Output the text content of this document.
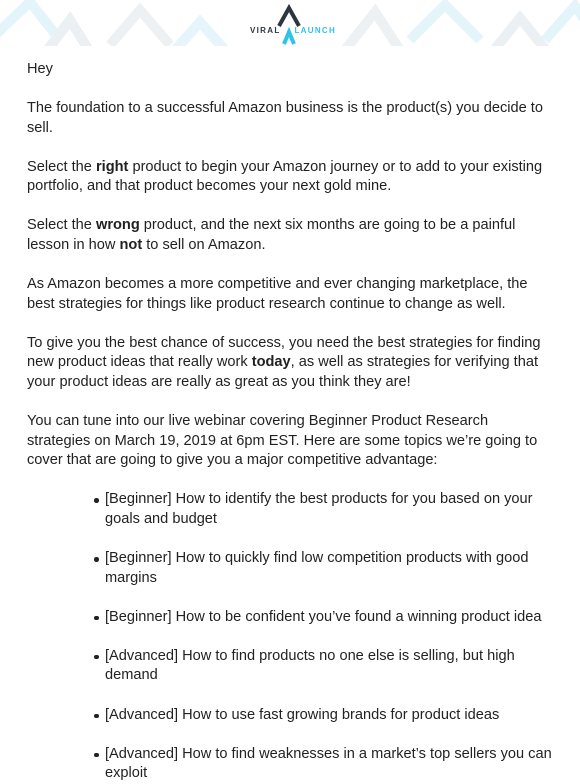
VIRAL LAUNCH

Hey

The foundation to a successful Amazon business is the product(s) you decide to sell.

Select the right product to begin your Amazon journey or to add to your existing portfolio, and that product becomes your next gold mine.

Select the wrong product, and the next six months are going to be a painful lesson in how not to sell on Amazon.

As Amazon becomes a more competitive and ever changing marketplace, the best strategies for things like product research continue to change as well.

To give you the best chance of success, you need the best strategies for finding new product ideas that really work today, as well as strategies for verifying that your product ideas are really as great as you think they are!

You can tune into our live webinar covering Beginner Product Research strategies on March 19, 2019 at 6pm EST. Here are some topics we’re going to cover that are going to give you a major competitive advantage:

[Beginner] How to identify the best products for you based on your goals and budget
[Beginner] How to quickly find low competition products with good margins
[Beginner] How to be confident you’ve found a winning product idea
[Advanced] How to find products no one else is selling, but high demand
[Advanced] How to use fast growing brands for product ideas
[Advanced] How to find weaknesses in a market’s top sellers you can exploit
